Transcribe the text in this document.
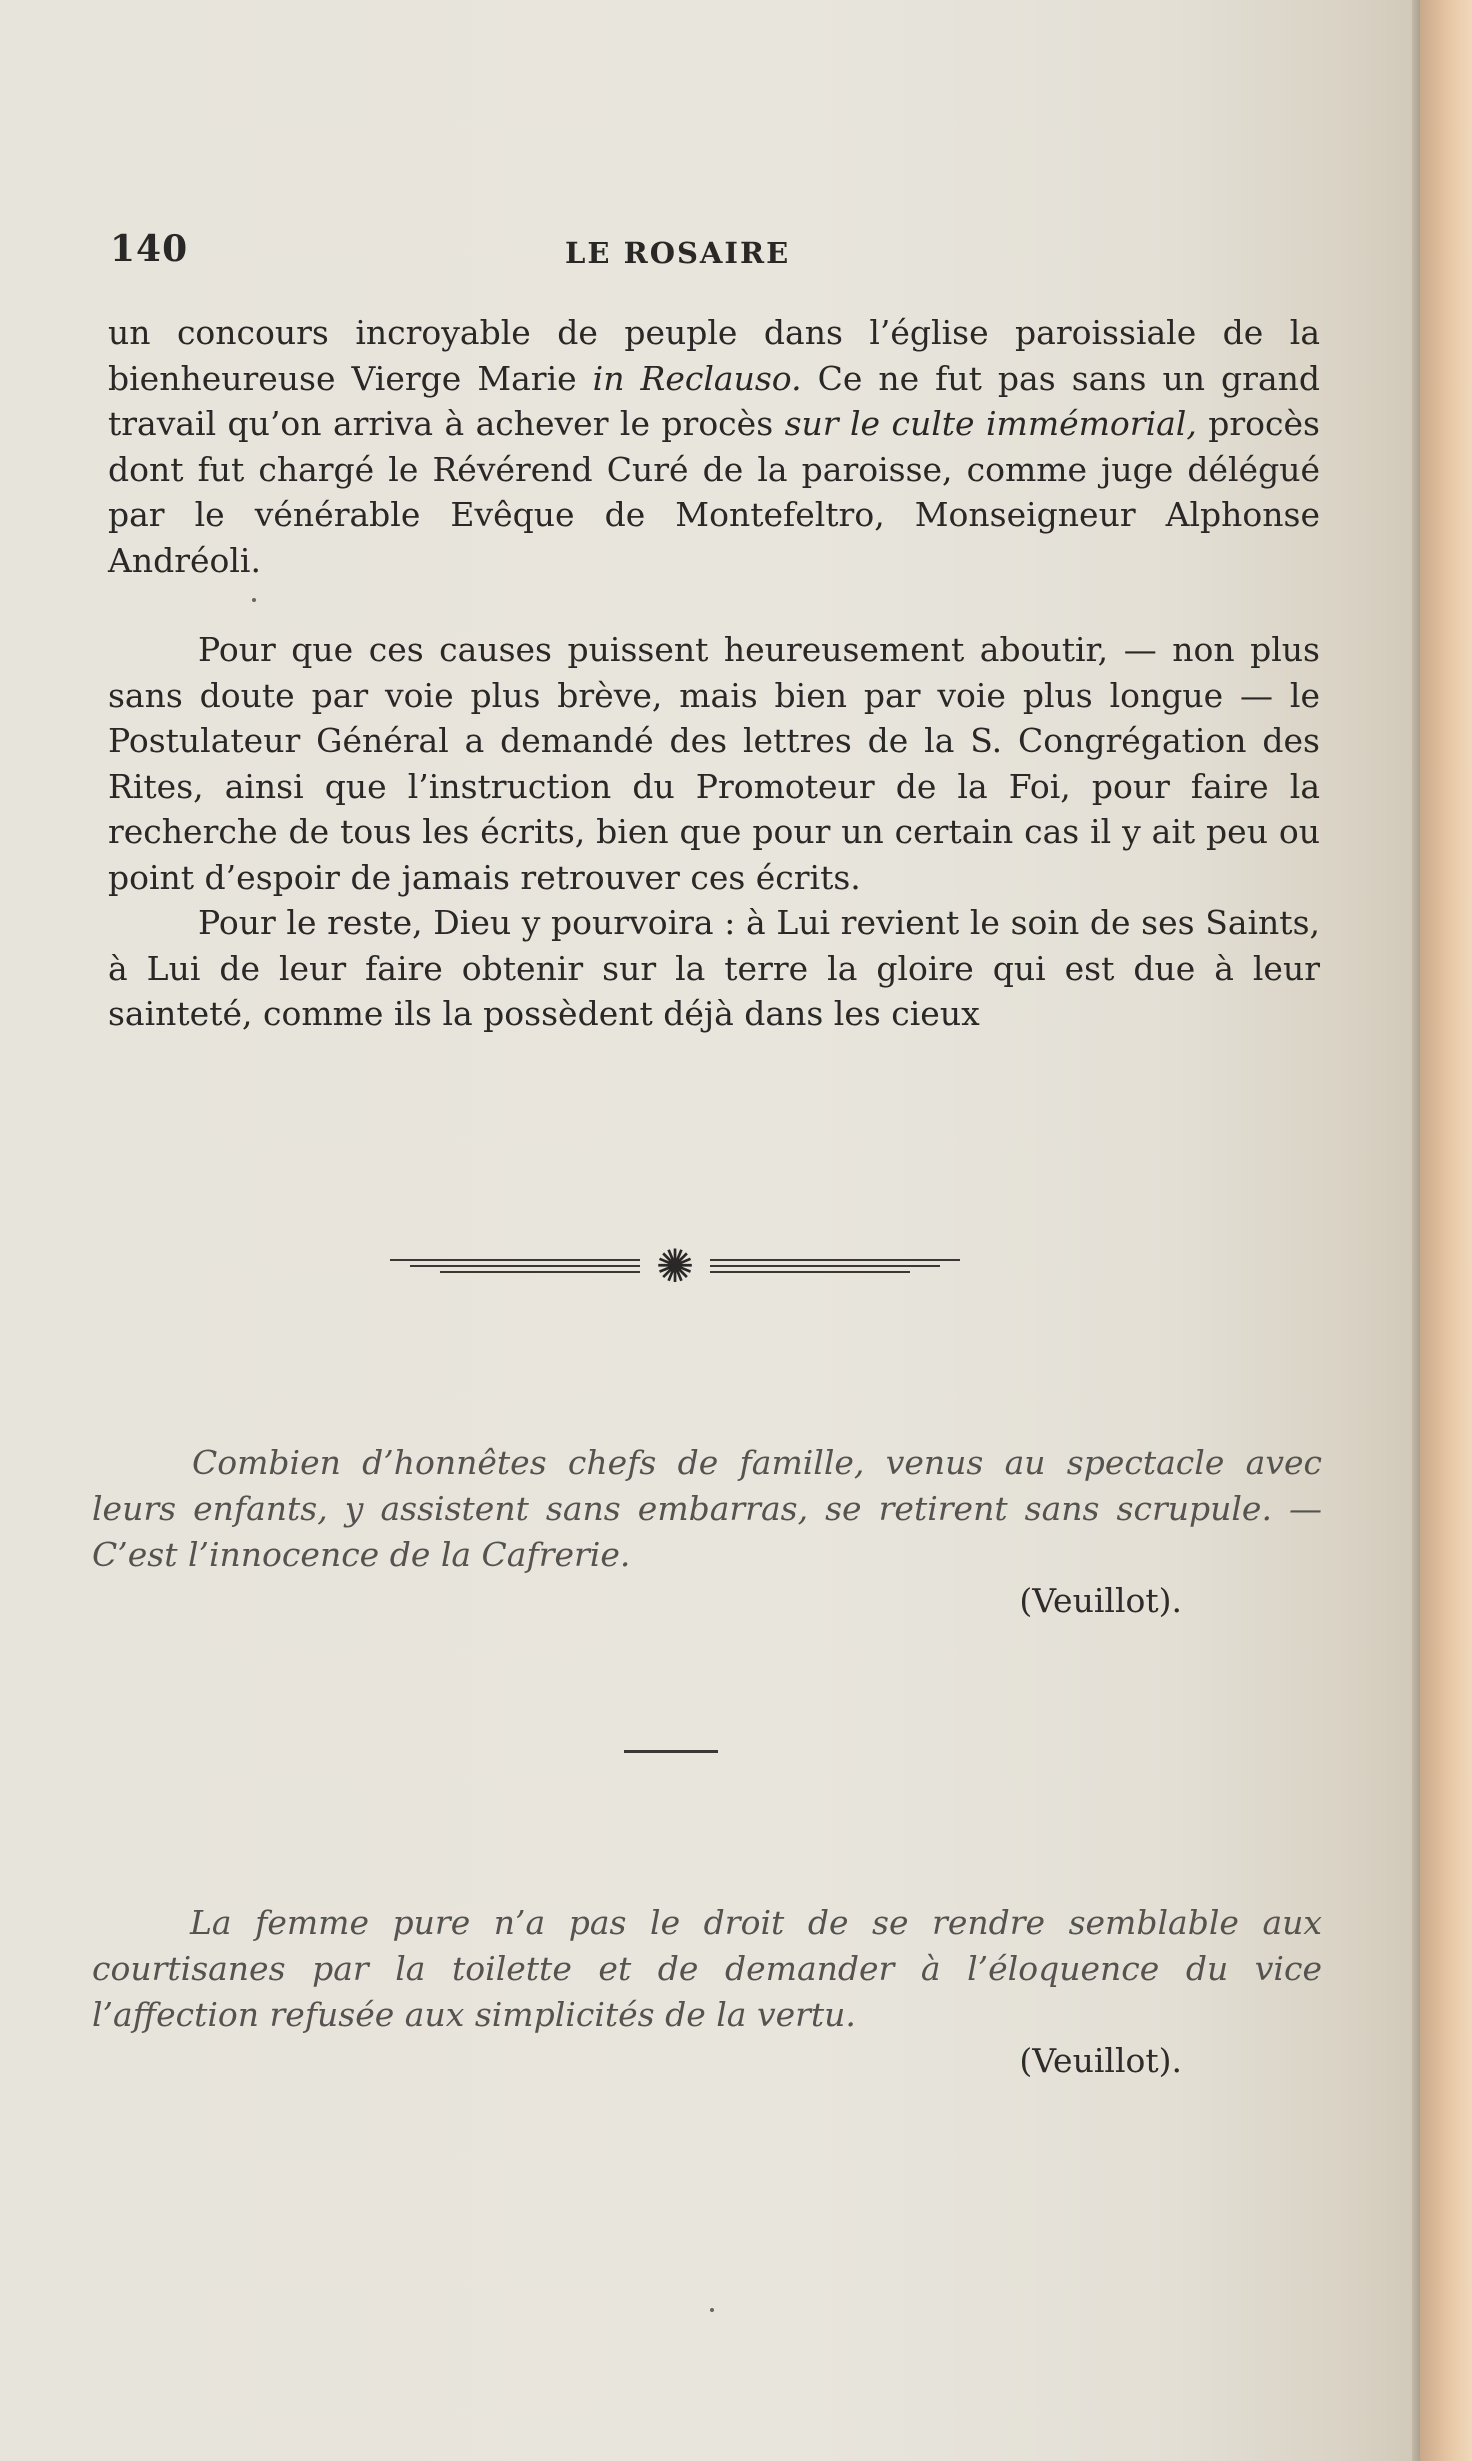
140	LE ROSAIRE

un concours incroyable de peuple dans l’église paroissiale de la bienheureuse Vierge Marie in Reclauso. Ce ne fut pas sans un grand travail qu’on arriva à achever le procès sur le culte immémorial, procès dont fut chargé le Révérend Curé de la paroisse, comme juge délégué par le vénérable Evêque de Montefeltro, Monseigneur Alphonse Andréoli.

Pour que ces causes puissent heureusement aboutir, — non plus sans doute par voie plus brève, mais bien par voie plus longue — le Postulateur Général a demandé des lettres de la S. Congrégation des Rites, ainsi que l’instruction du Promoteur de la Foi, pour faire la recherche de tous les écrits, bien que pour un certain cas il y ait peu ou point d’espoir de jamais retrouver ces écrits.

Pour le reste, Dieu y pourvoira : à Lui revient le soin de ses Saints, à Lui de leur faire obtenir sur la terre la gloire qui est due à leur sainteté, comme ils la possèdent déjà dans les cieux

✺

Combien d’honnêtes chefs de famille, venus au spectacle avec leurs enfants, y assistent sans embarras, se retirent sans scrupule. — C’est l’innocence de la Cafrerie.

(Veuillot).

La femme pure n’a pas le droit de se rendre semblable aux courtisanes par la toilette et de demander à l’éloquence du vice l’affection refusée aux simplicités de la vertu.

(Veuillot).
